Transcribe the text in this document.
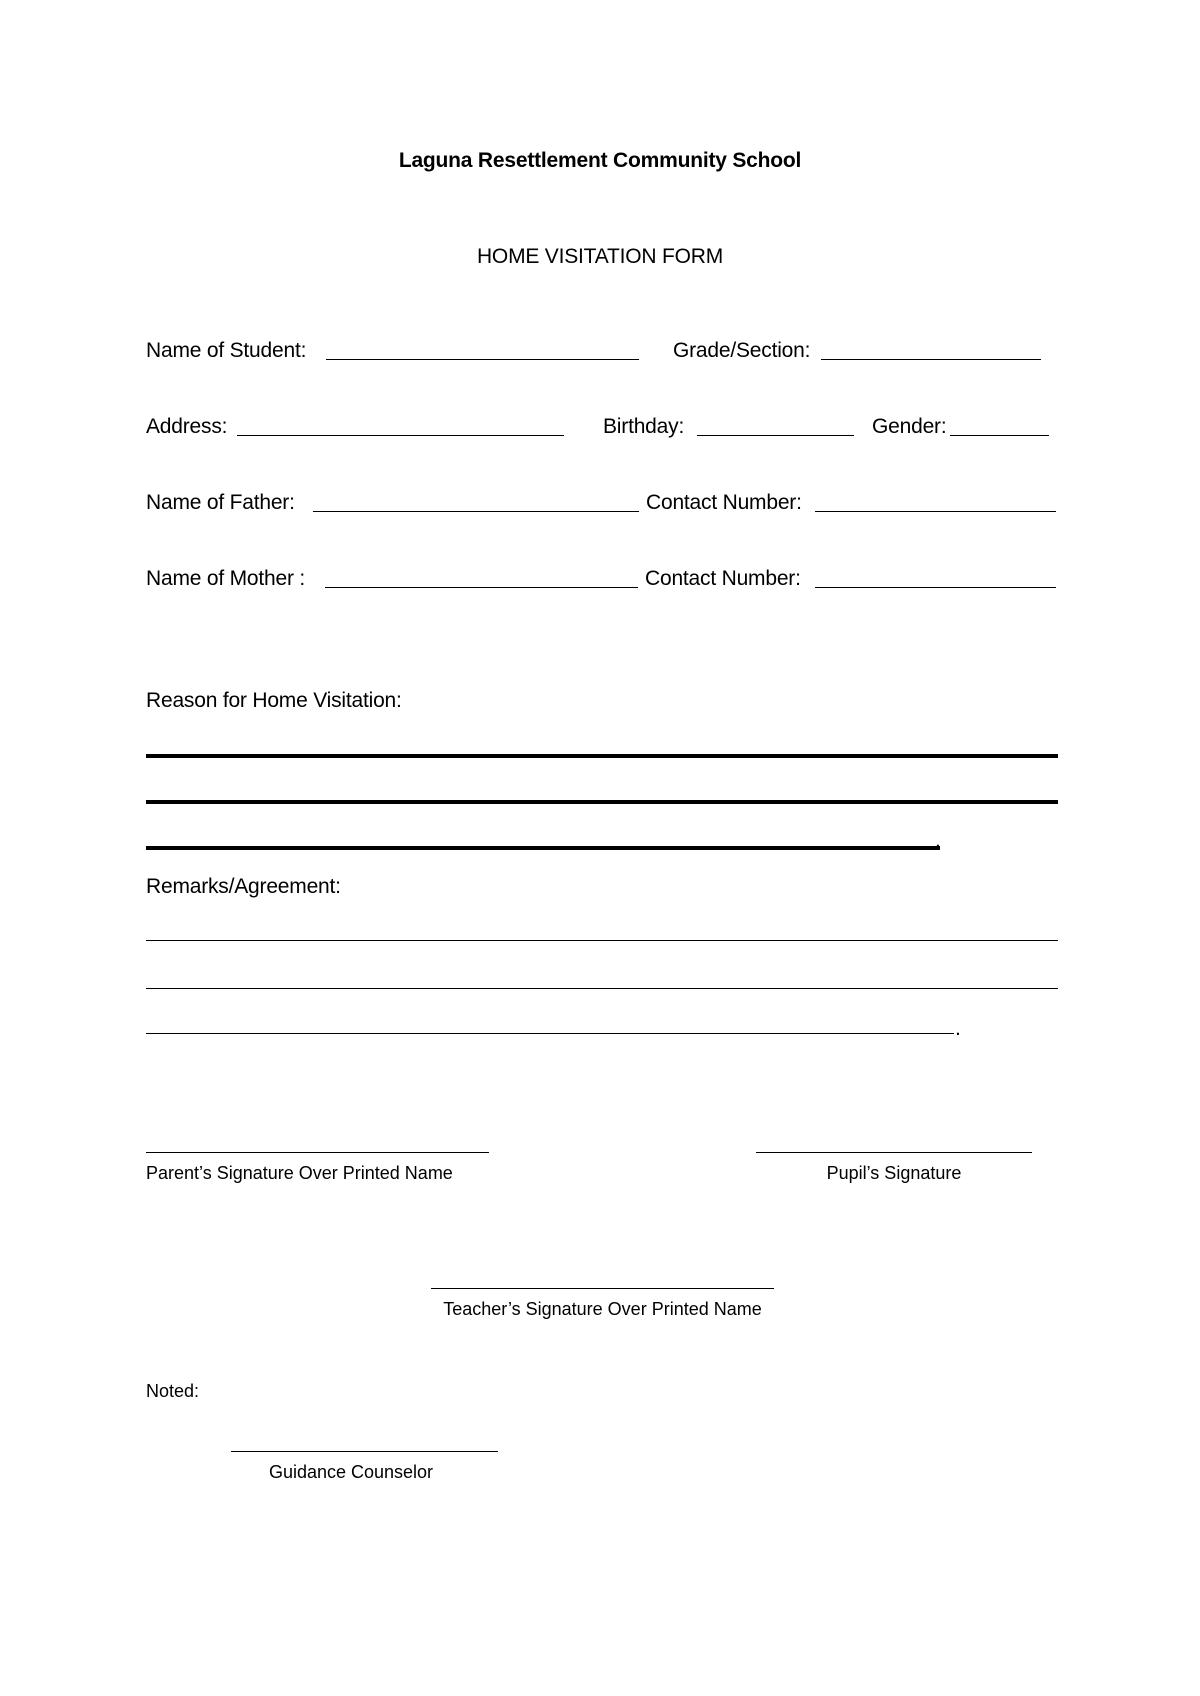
Laguna Resettlement Community School
HOME VISITATION FORM
Name of Student:	Grade/Section:
Address:	Birthday:	Gender:
Name of Father:	Contact Number:
Name of Mother :	Contact Number:
Reason for Home Visitation:
.
Remarks/Agreement:
.
Parent’s Signature Over Printed Name	Pupil’s Signature
Teacher’s Signature Over Printed Name
Noted:
Guidance Counselor
